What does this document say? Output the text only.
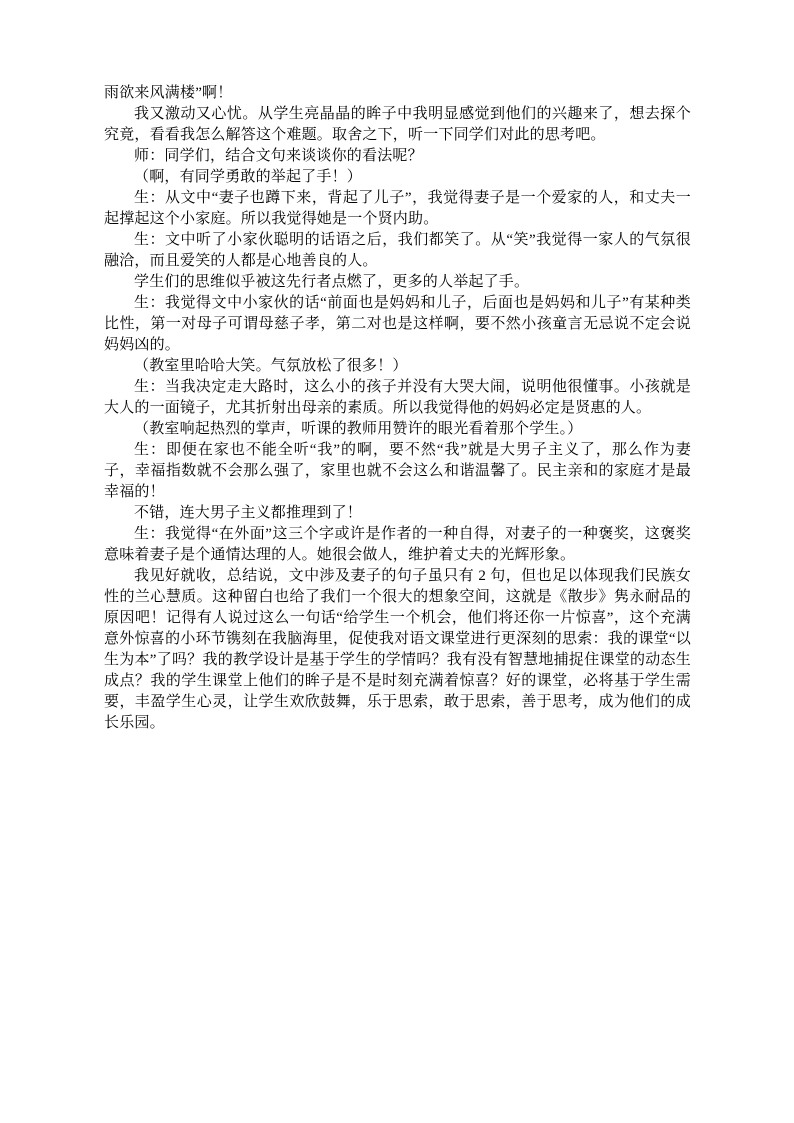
雨欲来风满楼”啊！

我又激动又心忧。从学生亮晶晶的眸子中我明显感觉到他们的兴趣来了，想去探个究竟，看看我怎么解答这个难题。取舍之下，听一下同学们对此的思考吧。

师：同学们，结合文句来谈谈你的看法呢？

（啊，有同学勇敢的举起了手！）

生：从文中“妻子也蹲下来，背起了儿子”，我觉得妻子是一个爱家的人，和丈夫一起撑起这个小家庭。所以我觉得她是一个贤内助。

生：文中听了小家伙聪明的话语之后，我们都笑了。从“笑”我觉得一家人的气氛很融洽，而且爱笑的人都是心地善良的人。

学生们的思维似乎被这先行者点燃了，更多的人举起了手。

生：我觉得文中小家伙的话“前面也是妈妈和儿子，后面也是妈妈和儿子”有某种类比性，第一对母子可谓母慈子孝，第二对也是这样啊，要不然小孩童言无忌说不定会说妈妈凶的。

（教室里哈哈大笑。气氛放松了很多！）

生：当我决定走大路时，这么小的孩子并没有大哭大闹，说明他很懂事。小孩就是大人的一面镜子，尤其折射出母亲的素质。所以我觉得他的妈妈必定是贤惠的人。

（教室响起热烈的掌声，听课的教师用赞许的眼光看着那个学生。）

生：即便在家也不能全听“我”的啊，要不然“我”就是大男子主义了，那么作为妻子，幸福指数就不会那么强了，家里也就不会这么和谐温馨了。民主亲和的家庭才是最幸福的！

不错，连大男子主义都推理到了！

生：我觉得“在外面”这三个字或许是作者的一种自得，对妻子的一种褒奖，这褒奖意味着妻子是个通情达理的人。她很会做人，维护着丈夫的光辉形象。

我见好就收，总结说，文中涉及妻子的句子虽只有 2 句，但也足以体现我们民族女性的兰心慧质。这种留白也给了我们一个很大的想象空间，这就是《散步》隽永耐品的原因吧！记得有人说过这么一句话“给学生一个机会，他们将还你一片惊喜”，这个充满意外惊喜的小环节镌刻在我脑海里，促使我对语文课堂进行更深刻的思索：我的课堂“以生为本”了吗？我的教学设计是基于学生的学情吗？我有没有智慧地捕捉住课堂的动态生成点？我的学生课堂上他们的眸子是不是时刻充满着惊喜？好的课堂，必将基于学生需要，丰盈学生心灵，让学生欢欣鼓舞，乐于思索，敢于思索，善于思考，成为他们的成长乐园。
